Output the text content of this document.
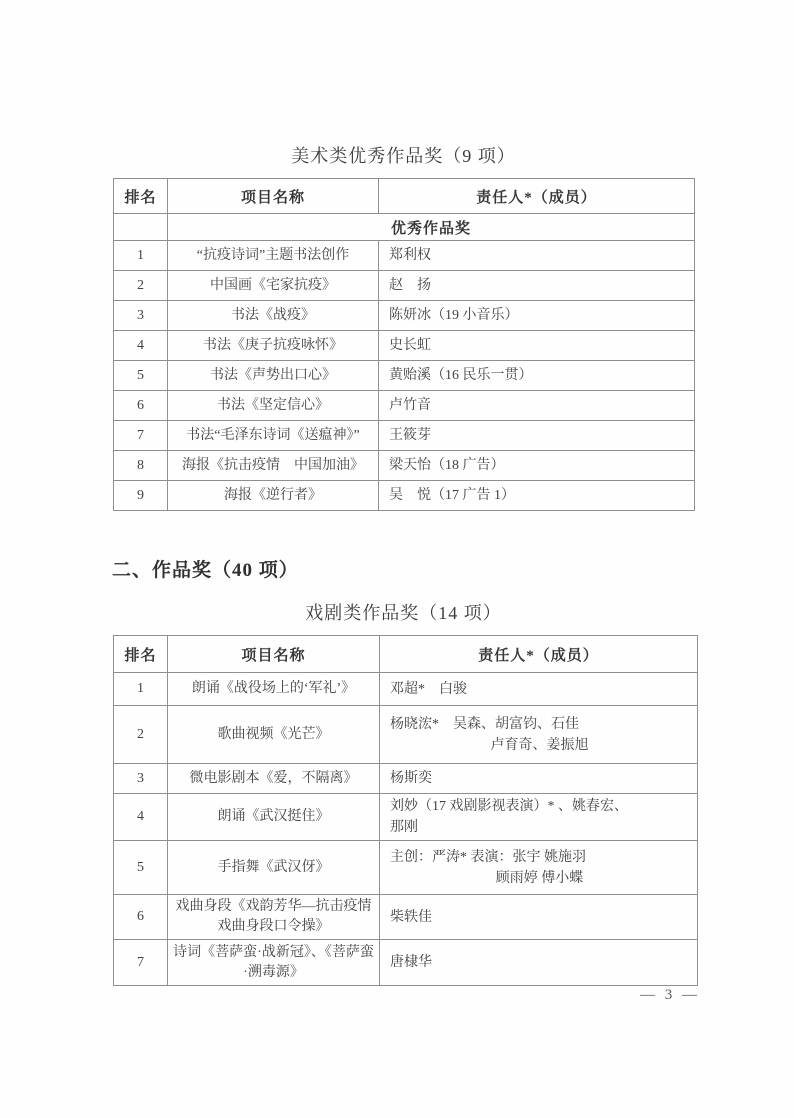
美术类优秀作品奖（9 项）
排名	项目名称	责任人*（成员）
	优秀作品奖	
1	“抗疫诗词”主题书法创作	郑利权
2	中国画《宅家抗疫》	赵　扬
3	书法《战疫》	陈妍冰（19 小音乐）
4	书法《庚子抗疫咏怀》	史长虹
5	书法《声势出口心》	黄贻溪（16 民乐一贯）
6	书法《坚定信心》	卢竹音
7	书法“毛泽东诗词《送瘟神》”	王筱芽
8	海报《抗击疫情　中国加油》	梁天怡（18 广告）
9	海报《逆行者》	吴　悦（17 广告 1）
二、作品奖（40 项）
戏剧类作品奖（14 项）
排名	项目名称	责任人*（成员）
1	朗诵《战役场上的‘军礼’》	邓超*　白骏
2	歌曲视频《光芒》	杨晓浤*　吴森、胡富钧、石佳
卢育奇、姜振旭

3	微电影剧本《爱，不隔离》	杨斯奕
4	朗诵《武汉挺住》	刘妙（17 戏剧影视表演）* 、姚春宏、
那刚

5	手指舞《武汉伢》	主创：严涛* 表演：张宇 姚施羽
顾雨婷 傅小蝶

6	戏曲身段《戏韵芳华—抗击疫情戏曲身段口令操》	柴轶佳
7	诗词《菩萨蛮·战新冠》、《菩萨蛮·溯毒源》	唐棣华
— 3 —
